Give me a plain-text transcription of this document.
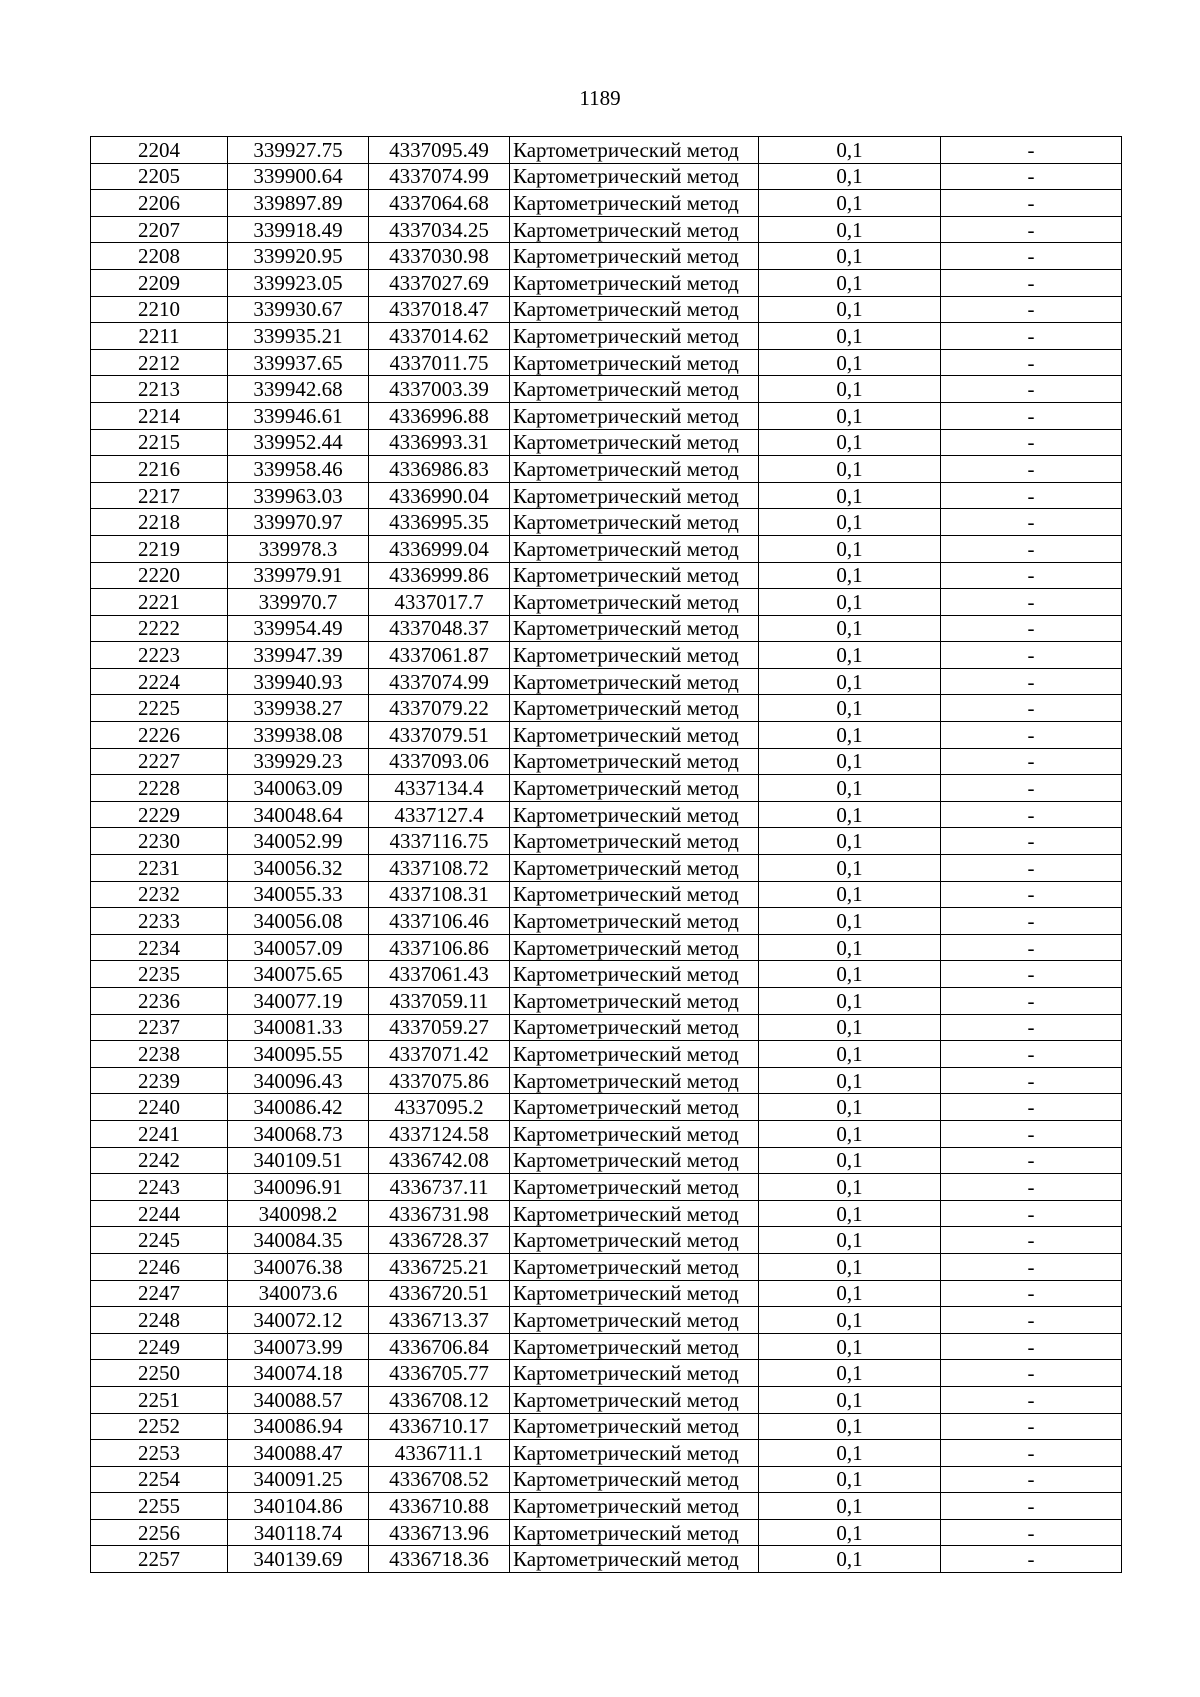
1189
2204	339927.75	4337095.49	Картометрический метод	0,1	-
2205	339900.64	4337074.99	Картометрический метод	0,1	-
2206	339897.89	4337064.68	Картометрический метод	0,1	-
2207	339918.49	4337034.25	Картометрический метод	0,1	-
2208	339920.95	4337030.98	Картометрический метод	0,1	-
2209	339923.05	4337027.69	Картометрический метод	0,1	-
2210	339930.67	4337018.47	Картометрический метод	0,1	-
2211	339935.21	4337014.62	Картометрический метод	0,1	-
2212	339937.65	4337011.75	Картометрический метод	0,1	-
2213	339942.68	4337003.39	Картометрический метод	0,1	-
2214	339946.61	4336996.88	Картометрический метод	0,1	-
2215	339952.44	4336993.31	Картометрический метод	0,1	-
2216	339958.46	4336986.83	Картометрический метод	0,1	-
2217	339963.03	4336990.04	Картометрический метод	0,1	-
2218	339970.97	4336995.35	Картометрический метод	0,1	-
2219	339978.3	4336999.04	Картометрический метод	0,1	-
2220	339979.91	4336999.86	Картометрический метод	0,1	-
2221	339970.7	4337017.7	Картометрический метод	0,1	-
2222	339954.49	4337048.37	Картометрический метод	0,1	-
2223	339947.39	4337061.87	Картометрический метод	0,1	-
2224	339940.93	4337074.99	Картометрический метод	0,1	-
2225	339938.27	4337079.22	Картометрический метод	0,1	-
2226	339938.08	4337079.51	Картометрический метод	0,1	-
2227	339929.23	4337093.06	Картометрический метод	0,1	-
2228	340063.09	4337134.4	Картометрический метод	0,1	-
2229	340048.64	4337127.4	Картометрический метод	0,1	-
2230	340052.99	4337116.75	Картометрический метод	0,1	-
2231	340056.32	4337108.72	Картометрический метод	0,1	-
2232	340055.33	4337108.31	Картометрический метод	0,1	-
2233	340056.08	4337106.46	Картометрический метод	0,1	-
2234	340057.09	4337106.86	Картометрический метод	0,1	-
2235	340075.65	4337061.43	Картометрический метод	0,1	-
2236	340077.19	4337059.11	Картометрический метод	0,1	-
2237	340081.33	4337059.27	Картометрический метод	0,1	-
2238	340095.55	4337071.42	Картометрический метод	0,1	-
2239	340096.43	4337075.86	Картометрический метод	0,1	-
2240	340086.42	4337095.2	Картометрический метод	0,1	-
2241	340068.73	4337124.58	Картометрический метод	0,1	-
2242	340109.51	4336742.08	Картометрический метод	0,1	-
2243	340096.91	4336737.11	Картометрический метод	0,1	-
2244	340098.2	4336731.98	Картометрический метод	0,1	-
2245	340084.35	4336728.37	Картометрический метод	0,1	-
2246	340076.38	4336725.21	Картометрический метод	0,1	-
2247	340073.6	4336720.51	Картометрический метод	0,1	-
2248	340072.12	4336713.37	Картометрический метод	0,1	-
2249	340073.99	4336706.84	Картометрический метод	0,1	-
2250	340074.18	4336705.77	Картометрический метод	0,1	-
2251	340088.57	4336708.12	Картометрический метод	0,1	-
2252	340086.94	4336710.17	Картометрический метод	0,1	-
2253	340088.47	4336711.1	Картометрический метод	0,1	-
2254	340091.25	4336708.52	Картометрический метод	0,1	-
2255	340104.86	4336710.88	Картометрический метод	0,1	-
2256	340118.74	4336713.96	Картометрический метод	0,1	-
2257	340139.69	4336718.36	Картометрический метод	0,1	-
